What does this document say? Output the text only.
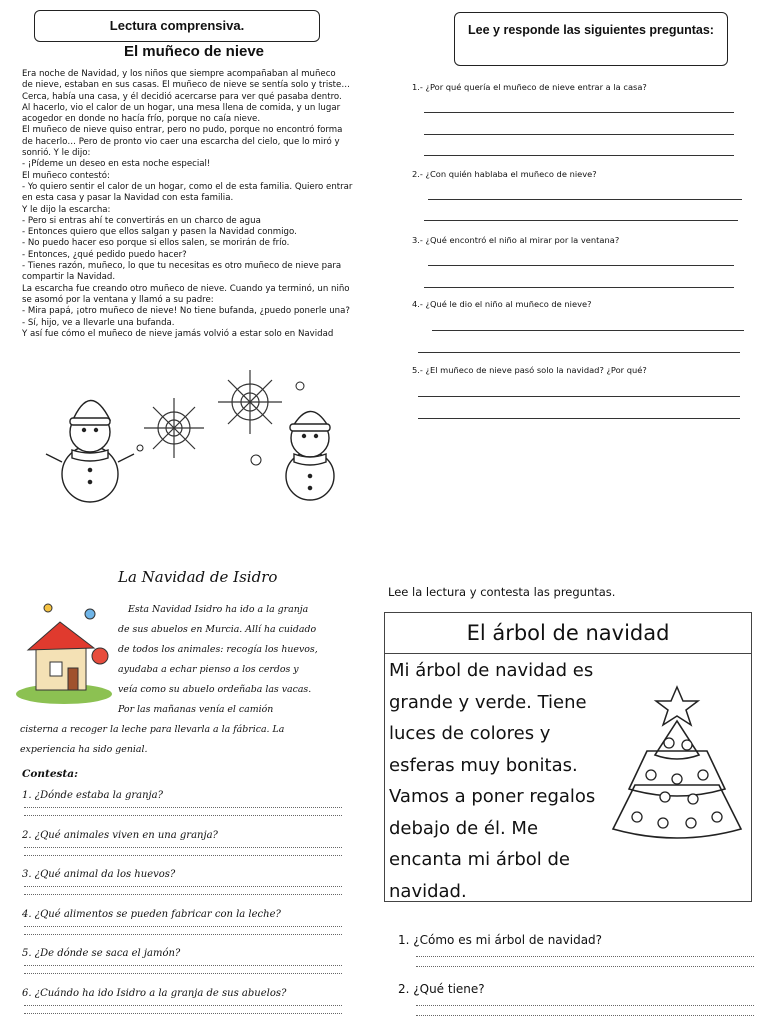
Lectura comprensiva.
El muñeco de nieve

Era noche de Navidad, y los niños que siempre acompañaban al muñeco

de nieve, estaban en sus casas. El muñeco de nieve se sentía solo y triste…

Cerca, había una casa, y él decidió acercarse para ver qué pasaba dentro.

Al hacerlo, vio el calor de un hogar, una mesa llena de comida, y un lugar

acogedor en donde no hacía frío, porque no caía nieve.

El muñeco de nieve quiso entrar, pero no pudo, porque no encontró forma

de hacerlo… Pero de pronto vio caer una escarcha del cielo, que lo miró y

sonrió. Y le dijo:

- ¡Pídeme un deseo en esta noche especial!

El muñeco contestó:

- Yo quiero sentir el calor de un hogar, como el de esta familia. Quiero entrar

en esta casa y pasar la Navidad con esta familia.

Y le dijo la escarcha:

- Pero si entras ahí te convertirás en un charco de agua

- Entonces quiero que ellos salgan y pasen la Navidad conmigo.

- No puedo hacer eso porque si ellos salen, se morirán de frío.

- Entonces, ¿qué pedido puedo hacer?

- Tienes razón, muñeco, lo que tu necesitas es otro muñeco de nieve para

compartir la Navidad.

La escarcha fue creando otro muñeco de nieve. Cuando ya terminó, un niño

se asomó por la ventana y llamó a su padre:

- Mira papá, ¡otro muñeco de nieve! No tiene bufanda, ¿puedo ponerle una?

- Sí, hijo, ve a llevarle una bufanda.

Y así fue cómo el muñeco de nieve jamás volvió a estar solo en Navidad

Lee y responde las siguientes preguntas:
1.- ¿Por qué quería el muñeco de nieve entrar a la casa?
2.- ¿Con quién hablaba el muñeco de nieve?
3.- ¿Qué encontró el niño al mirar por la ventana?
4.- ¿Qué le dio el niño al muñeco de nieve?
5.- ¿El muñeco de nieve pasó solo la navidad? ¿Por qué?
La Navidad de Isidro

Esta Navidad Isidro ha ido a la granja

de sus abuelos en Murcia. Allí ha cuidado

de todos los animales: recogía los huevos,

ayudaba a echar pienso a los cerdos y

veía como su abuelo ordeñaba las vacas.

Por las mañanas venía el camión

cisterna a recoger la leche para llevarla a la fábrica. La

experiencia ha sido genial.

Contesta:
1. ¿Dónde estaba la granja?
2. ¿Qué animales viven en una granja?
3. ¿Qué animal da los huevos?
4. ¿Qué alimentos se pueden fabricar con la leche?
5. ¿De dónde se saca el jamón?
6. ¿Cuándo ha ido Isidro a la granja de sus abuelos?
Lee la lectura y contesta las preguntas.
El árbol de navidad

Mi árbol de navidad es

grande y verde. Tiene

luces de colores y

esferas muy bonitas.

Vamos a poner regalos

debajo de él. Me

encanta mi árbol de

navidad.

1. ¿Cómo es mi árbol de navidad?
2. ¿Qué tiene?
